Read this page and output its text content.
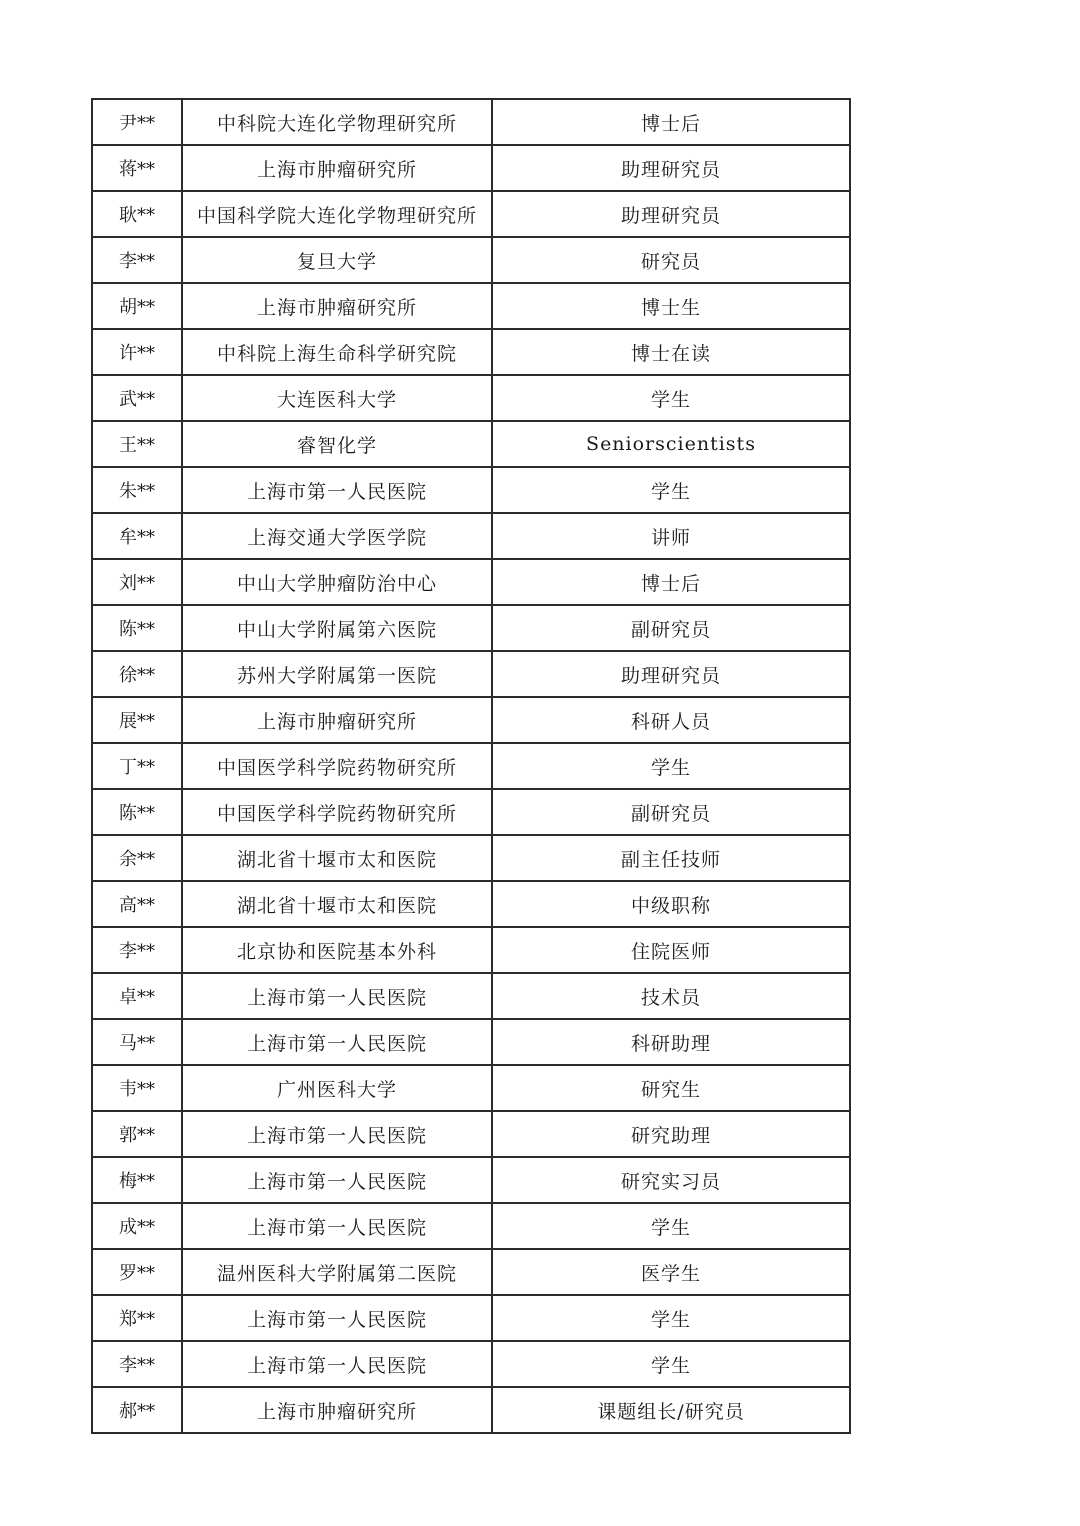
尹**	中科院大连化学物理研究所	博士后
蒋**	上海市肿瘤研究所	助理研究员
耿**	中国科学院大连化学物理研究所	助理研究员
李**	复旦大学	研究员
胡**	上海市肿瘤研究所	博士生
许**	中科院上海生命科学研究院	博士在读
武**	大连医科大学	学生
王**	睿智化学	Seniorscientists
朱**	上海市第一人民医院	学生
牟**	上海交通大学医学院	讲师
刘**	中山大学肿瘤防治中心	博士后
陈**	中山大学附属第六医院	副研究员
徐**	苏州大学附属第一医院	助理研究员
展**	上海市肿瘤研究所	科研人员
丁**	中国医学科学院药物研究所	学生
陈**	中国医学科学院药物研究所	副研究员
余**	湖北省十堰市太和医院	副主任技师
高**	湖北省十堰市太和医院	中级职称
李**	北京协和医院基本外科	住院医师
卓**	上海市第一人民医院	技术员
马**	上海市第一人民医院	科研助理
韦**	广州医科大学	研究生
郭**	上海市第一人民医院	研究助理
梅**	上海市第一人民医院	研究实习员
成**	上海市第一人民医院	学生
罗**	温州医科大学附属第二医院	医学生
郑**	上海市第一人民医院	学生
李**	上海市第一人民医院	学生
郝**	上海市肿瘤研究所	课题组长/研究员
